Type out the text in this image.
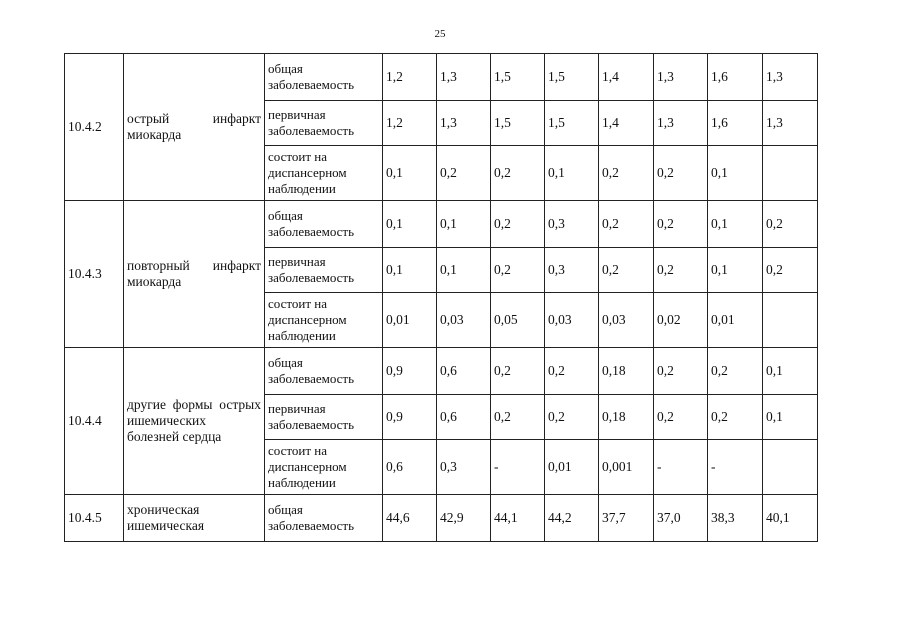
25
10.4.2	острый инфаркт миокарда	общая заболеваемость	1,2	1,3	1,5	1,5	1,4	1,3	1,6	1,3
		первичная заболеваемость	1,2	1,3	1,5	1,5	1,4	1,3	1,6	1,3
		состоит на диспансерном наблюдении	0,1	0,2	0,2	0,1	0,2	0,2	0,1	
10.4.3	повторный инфаркт миокарда	общая заболеваемость	0,1	0,1	0,2	0,3	0,2	0,2	0,1	0,2
		первичная заболеваемость	0,1	0,1	0,2	0,3	0,2	0,2	0,1	0,2
		состоит на диспансерном наблюдении	0,01	0,03	0,05	0,03	0,03	0,02	0,01	
10.4.4	другие формы острых ишемических болезней сердца	общая заболеваемость	0,9	0,6	0,2	0,2	0,18	0,2	0,2	0,1
		первичная заболеваемость	0,9	0,6	0,2	0,2	0,18	0,2	0,2	0,1
		состоит на диспансерном наблюдении	0,6	0,3	-	0,01	0,001	-	-	
10.4.5	хроническая ишемическая	общая заболеваемость	44,6	42,9	44,1	44,2	37,7	37,0	38,3	40,1
